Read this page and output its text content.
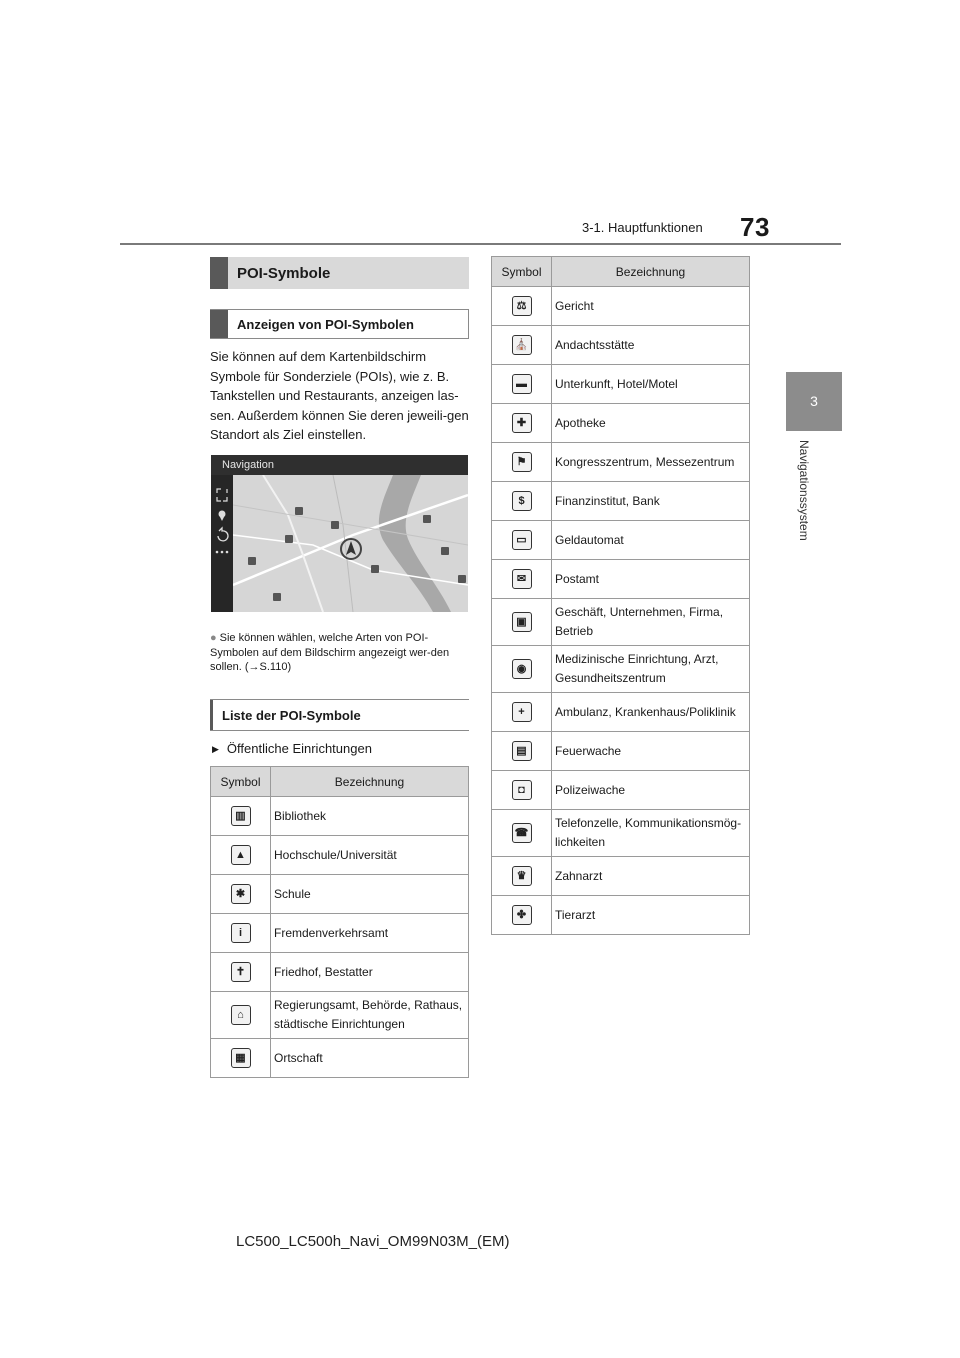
3-1. Hauptfunktionen 73
3
Navigationssystem
POI-Symbole
Anzeigen von POI-Symbolen
Sie können auf dem Kartenbildschirm Symbole für Sonderziele (POIs), wie z. B. Tankstellen und Restaurants, anzeigen las-sen. Außerdem können Sie deren jeweili-gen Standort als Ziel einstellen.
Navigation
● Sie können wählen, welche Arten von POI-Symbolen auf dem Bildschirm angezeigt wer-den sollen. (→S.110)
Liste der POI-Symbole
▶ Öffentliche Einrichtungen
Symbol	Bezeichnung
▥	Bibliothek
▲	Hochschule/Universität
✱	Schule
i	Fremdenverkehrsamt
✝	Friedhof, Bestatter
⌂	Regierungsamt, Behörde, Rathaus, städtische Einrichtungen
▦	Ortschaft
Symbol	Bezeichnung
⚖	Gericht
⛪	Andachtsstätte
▬	Unterkunft, Hotel/Motel
✚	Apotheke
⚑	Kongresszentrum, Messezentrum
$	Finanzinstitut, Bank
▭	Geldautomat
✉	Postamt
▣	Geschäft, Unternehmen, Firma, Betrieb
◉	Medizinische Einrichtung, Arzt, Gesundheitszentrum
+	Ambulanz, Krankenhaus/Poliklinik
▤	Feuerwache
◘	Polizeiwache
☎	Telefonzelle, Kommunikationsmög-lichkeiten
♛	Zahnarzt
✤	Tierarzt
LC500_LC500h_Navi_OM99N03M_(EM)
